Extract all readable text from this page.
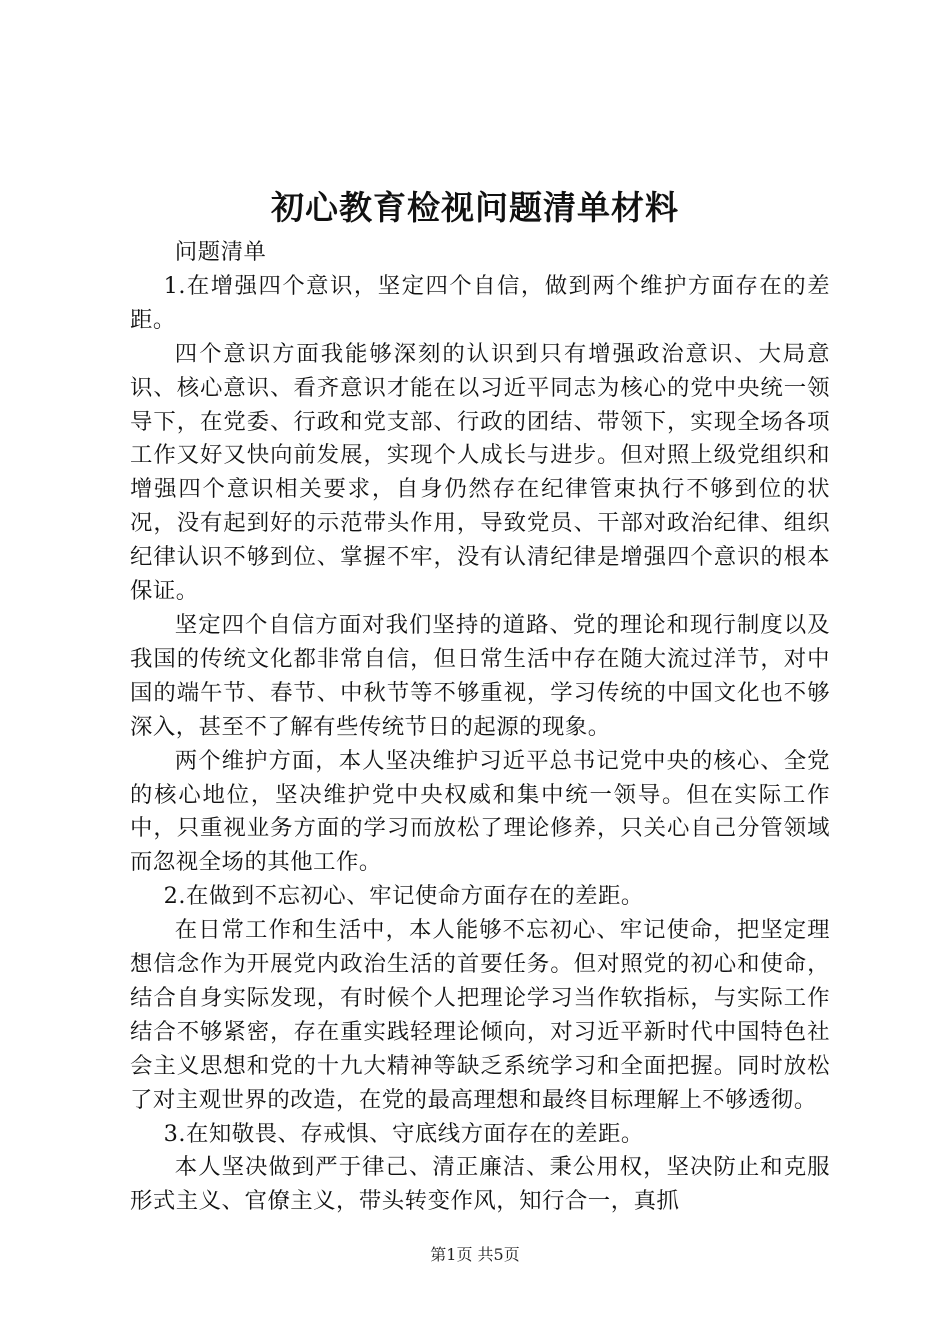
初心教育检视问题清单材料

问题清单

1.在增强四个意识，坚定四个自信，做到两个维护方面存在的差距。

四个意识方面我能够深刻的认识到只有增强政治意识、大局意识、核心意识、看齐意识才能在以习近平同志为核心的党中央统一领导下，在党委、行政和党支部、行政的团结、带领下，实现全场各项工作又好又快向前发展，实现个人成长与进步。但对照上级党组织和增强四个意识相关要求，自身仍然存在纪律管束执行不够到位的状况，没有起到好的示范带头作用，导致党员、干部对政治纪律、组织纪律认识不够到位、掌握不牢，没有认清纪律是增强四个意识的根本保证。

坚定四个自信方面对我们坚持的道路、党的理论和现行制度以及我国的传统文化都非常自信，但日常生活中存在随大流过洋节，对中国的端午节、春节、中秋节等不够重视，学习传统的中国文化也不够深入，甚至不了解有些传统节日的起源的现象。

两个维护方面，本人坚决维护习近平总书记党中央的核心、全党的核心地位，坚决维护党中央权威和集中统一领导。但在实际工作中，只重视业务方面的学习而放松了理论修养，只关心自己分管领域而忽视全场的其他工作。

2.在做到不忘初心、牢记使命方面存在的差距。

在日常工作和生活中，本人能够不忘初心、牢记使命，把坚定理想信念作为开展党内政治生活的首要任务。但对照党的初心和使命，结合自身实际发现，有时候个人把理论学习当作软指标，与实际工作结合不够紧密，存在重实践轻理论倾向，对习近平新时代中国特色社会主义思想和党的十九大精神等缺乏系统学习和全面把握。同时放松了对主观世界的改造，在党的最高理想和最终目标理解上不够透彻。

3.在知敬畏、存戒惧、守底线方面存在的差距。

本人坚决做到严于律己、清正廉洁、秉公用权，坚决防止和克服形式主义、官僚主义，带头转变作风，知行合一，真抓

第1页 共5页
